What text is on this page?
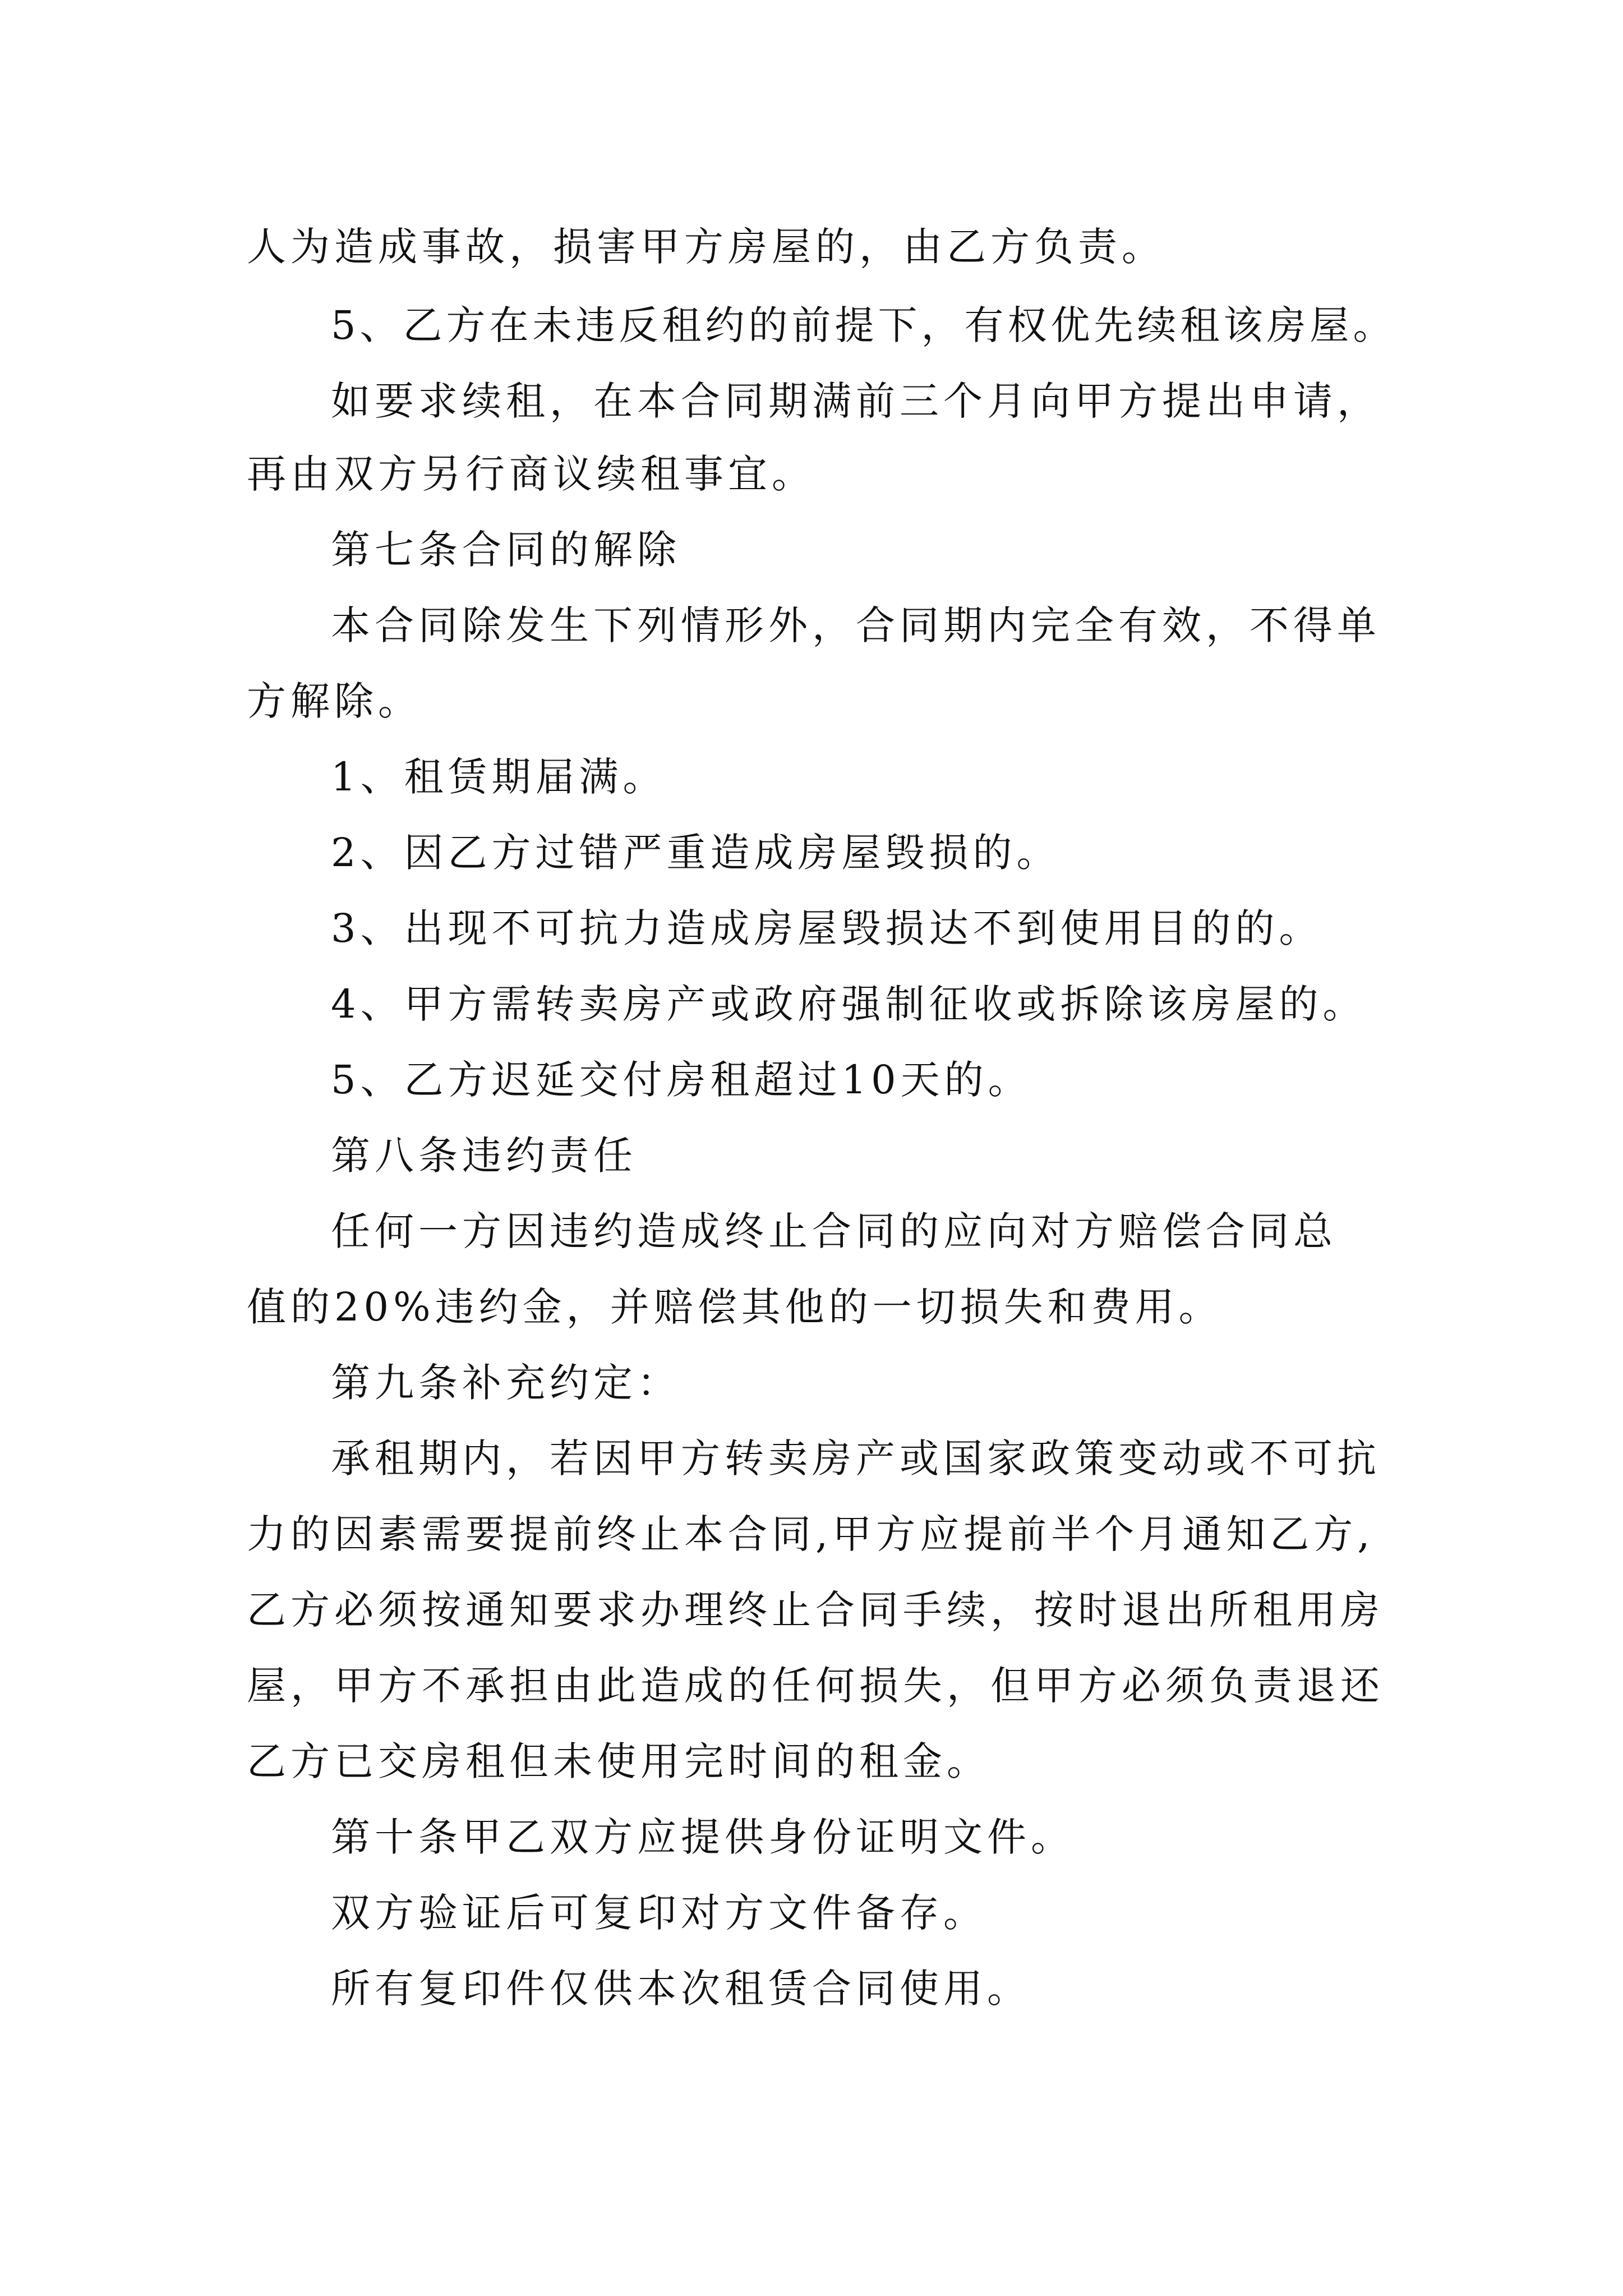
人为造成事故，损害甲方房屋的，由乙方负责。
5、乙方在未违反租约的前提下，有权优先续租该房屋。
如要求续租，在本合同期满前三个月向甲方提出申请，
再由双方另行商议续租事宜。
第七条合同的解除
本合同除发生下列情形外，合同期内完全有效，不得单
方解除。
1、租赁期届满。
2、因乙方过错严重造成房屋毁损的。
3、出现不可抗力造成房屋毁损达不到使用目的的。
4、甲方需转卖房产或政府强制征收或拆除该房屋的。
5、乙方迟延交付房租超过10天的。
第八条违约责任
任何一方因违约造成终止合同的应向对方赔偿合同总
值的20%违约金，并赔偿其他的一切损失和费用。
第九条补充约定：
承租期内，若因甲方转卖房产或国家政策变动或不可抗
力的因素需要提前终止本合同,甲方应提前半个月通知乙方,
乙方必须按通知要求办理终止合同手续，按时退出所租用房
屋，甲方不承担由此造成的任何损失，但甲方必须负责退还
乙方已交房租但未使用完时间的租金。
第十条甲乙双方应提供身份证明文件。
双方验证后可复印对方文件备存。
所有复印件仅供本次租赁合同使用。
